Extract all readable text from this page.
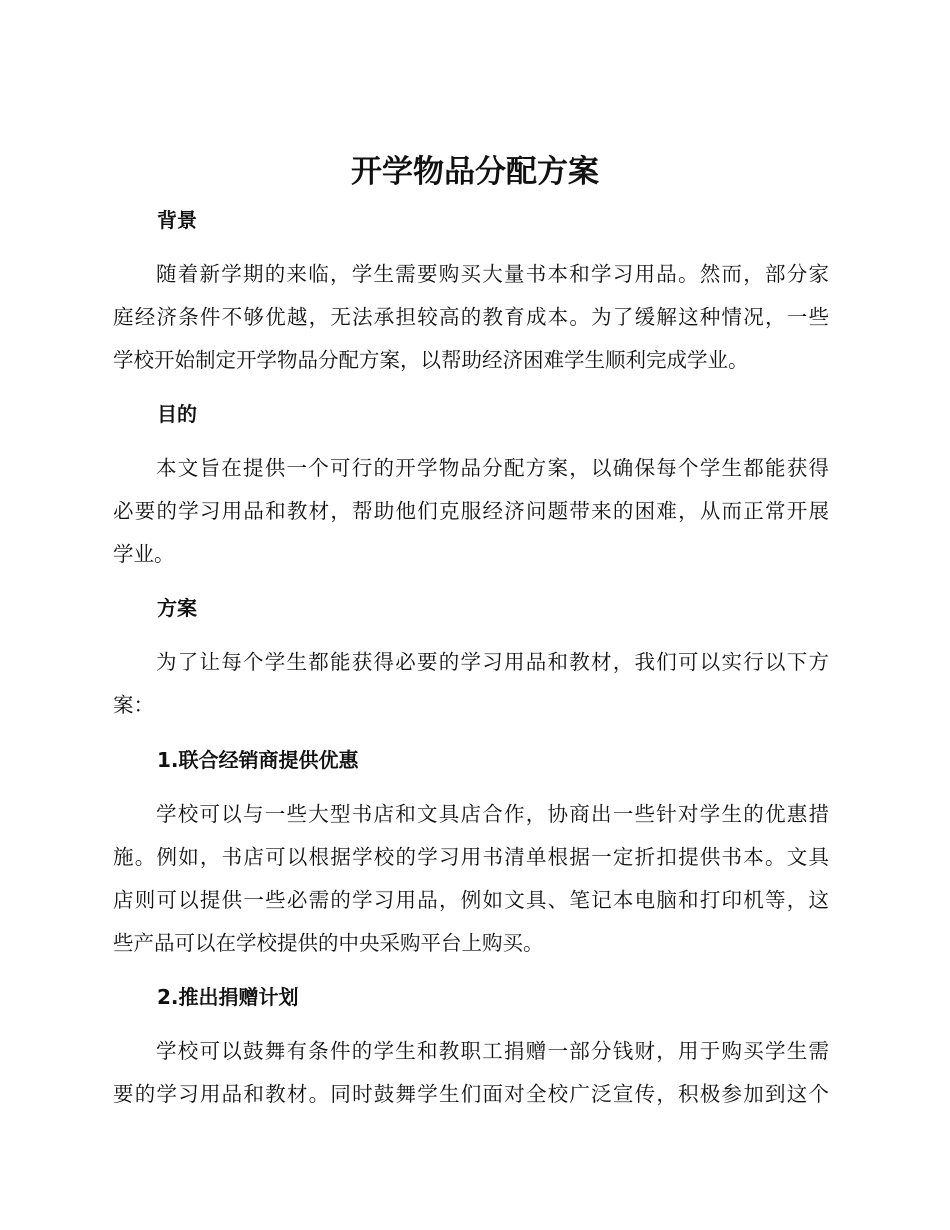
开学物品分配方案
背景

随着新学期的来临，学生需要购买大量书本和学习用品。然而，部分家
庭经济条件不够优越，无法承担较高的教育成本。为了缓解这种情况，一些
学校开始制定开学物品分配方案，以帮助经济困难学生顺利完成学业。

目的

本文旨在提供一个可行的开学物品分配方案，以确保每个学生都能获得
必要的学习用品和教材，帮助他们克服经济问题带来的困难，从而正常开展
学业。

方案

为了让每个学生都能获得必要的学习用品和教材，我们可以实行以下方
案：

1.联合经销商提供优惠

学校可以与一些大型书店和文具店合作，协商出一些针对学生的优惠措
施。例如，书店可以根据学校的学习用书清单根据一定折扣提供书本。文具
店则可以提供一些必需的学习用品，例如文具、笔记本电脑和打印机等，这
些产品可以在学校提供的中央采购平台上购买。

2.推出捐赠计划

学校可以鼓舞有条件的学生和教职工捐赠一部分钱财，用于购买学生需
要的学习用品和教材。同时鼓舞学生们面对全校广泛宣传，积极参加到这个
